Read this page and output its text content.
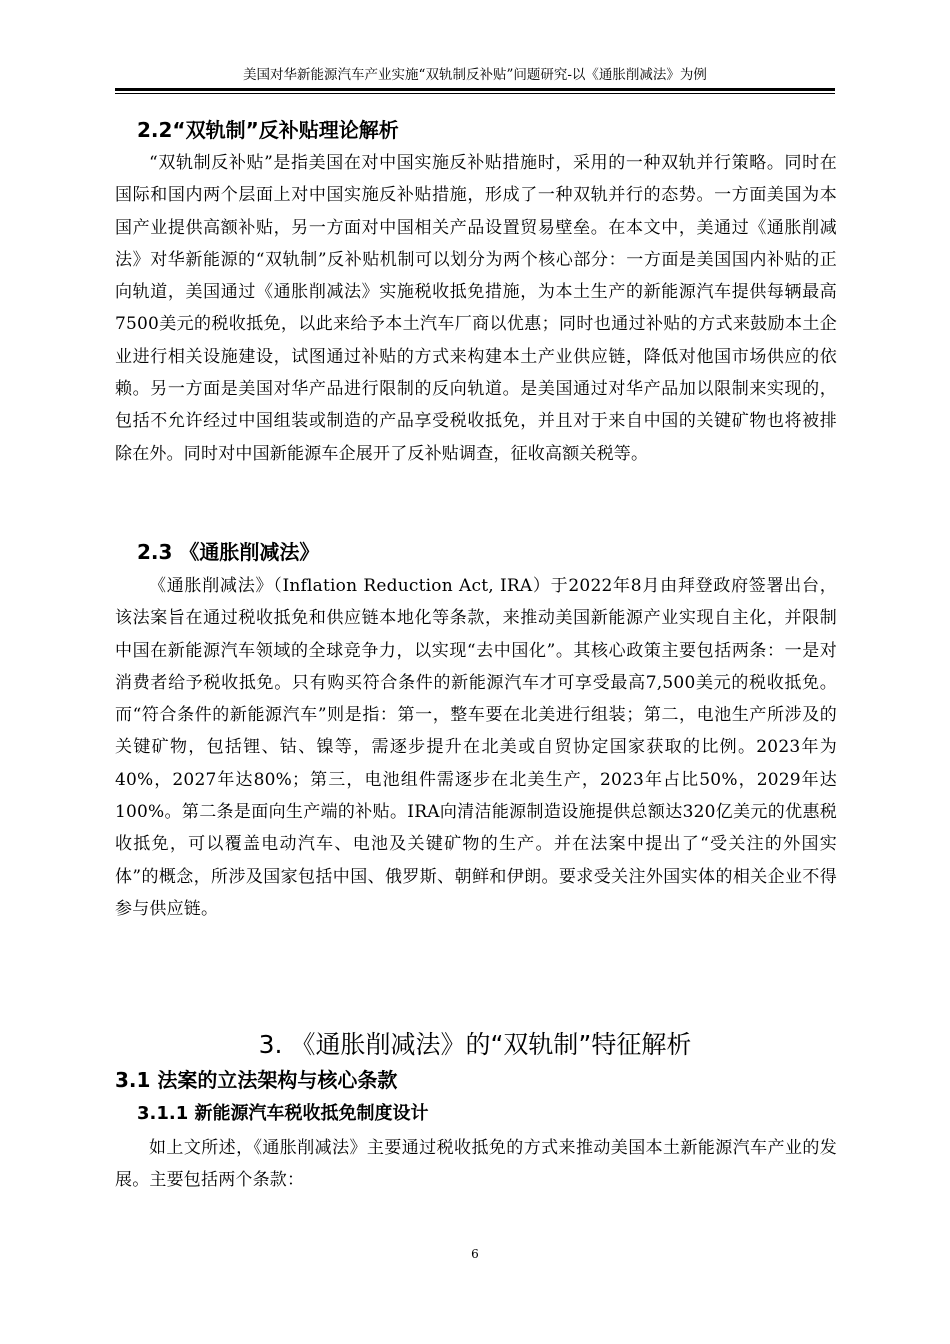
美国对华新能源汽车产业实施“双轨制反补贴”问题研究-以《通胀削减法》为例
2.2“双轨制”反补贴理论解析
“双轨制反补贴”是指美国在对中国实施反补贴措施时，采用的一种双轨并行策略。同时在国际和国内两个层面上对中国实施反补贴措施，形成了一种双轨并行的态势。一方面美国为本国产业提供高额补贴，另一方面对中国相关产品设置贸易壁垒。在本文中，美通过《通胀削减法》对华新能源的“双轨制”反补贴机制可以划分为两个核心部分：一方面是美国国内补贴的正向轨道，美国通过《通胀削减法》实施税收抵免措施，为本土生产的新能源汽车提供每辆最高7500美元的税收抵免，以此来给予本土汽车厂商以优惠；同时也通过补贴的方式来鼓励本土企业进行相关设施建设，试图通过补贴的方式来构建本土产业供应链，降低对他国市场供应的依赖。另一方面是美国对华产品进行限制的反向轨道。是美国通过对华产品加以限制来实现的，包括不允许经过中国组装或制造的产品享受税收抵免，并且对于来自中国的关键矿物也将被排除在外。同时对中国新能源车企展开了反补贴调查，征收高额关税等。
2.3 《通胀削减法》
《通胀削减法》（Inflation Reduction Act, IRA）于2022年8月由拜登政府签署出台，该法案旨在通过税收抵免和供应链本地化等条款，来推动美国新能源产业实现自主化，并限制中国在新能源汽车领域的全球竞争力，以实现“去中国化”。其核心政策主要包括两条：一是对消费者给予税收抵免。只有购买符合条件的新能源汽车才可享受最高7,500美元的税收抵免。而“符合条件的新能源汽车”则是指：第一，整车要在北美进行组装；第二，电池生产所涉及的关键矿物，包括锂、钴、镍等，需逐步提升在北美或自贸协定国家获取的比例。2023年为40%，2027年达80%；第三，电池组件需逐步在北美生产，2023年占比50%，2029年达100%。第二条是面向生产端的补贴。IRA向清洁能源制造设施提供总额达320亿美元的优惠税收抵免，可以覆盖电动汽车、电池及关键矿物的生产。并在法案中提出了“受关注的外国实体”的概念，所涉及国家包括中国、俄罗斯、朝鲜和伊朗。要求受关注外国实体的相关企业不得参与供应链。
3. 《通胀削减法》的“双轨制”特征解析
3.1 法案的立法架构与核心条款
3.1.1 新能源汽车税收抵免制度设计
如上文所述，《通胀削减法》主要通过税收抵免的方式来推动美国本土新能源汽车产业的发展。主要包括两个条款：
6
